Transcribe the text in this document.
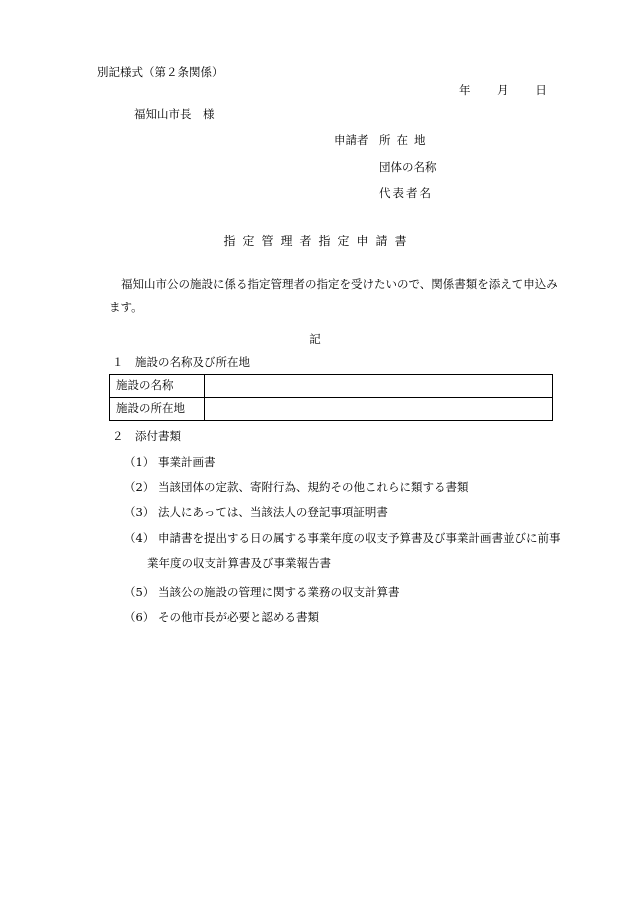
別記様式（第２条関係）
年 月 日
福知山市長　様
申請者 所在地
団体の名称
代表者名
指定管理者指定申請書
福知山市公の施設に係る指定管理者の指定を受けたいので、関係書類を添えて申込み
ます。
記
１　施設の名称及び所在地
施設の名称	
施設の所在地	
２　添付書類
（1） 事業計画書
（2） 当該団体の定款、寄附行為、規約その他これらに類する書類
（3） 法人にあっては、当該法人の登記事項証明書
（4） 申請書を提出する日の属する事業年度の収支予算書及び事業計画書並びに前事
業年度の収支計算書及び事業報告書
（5） 当該公の施設の管理に関する業務の収支計算書
（6） その他市長が必要と認める書類
